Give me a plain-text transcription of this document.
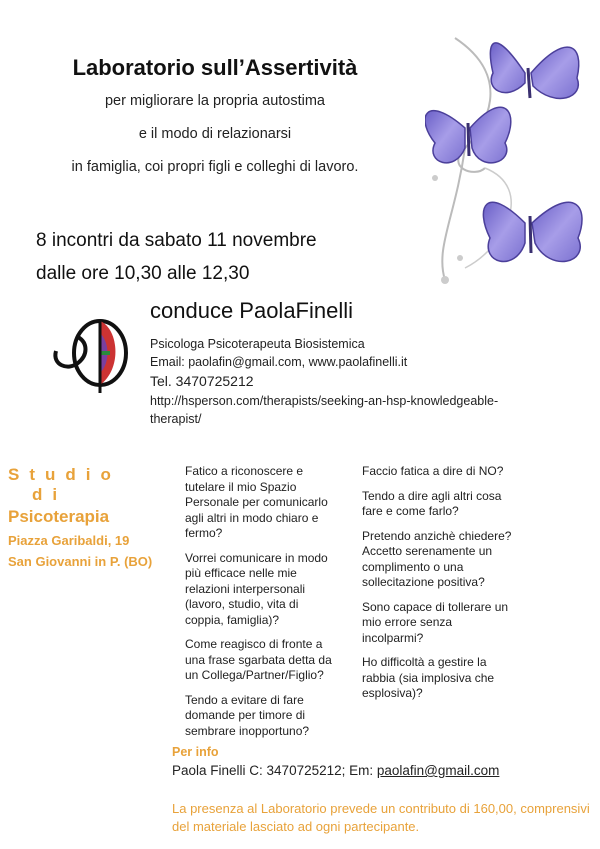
Laboratorio sull’Assertività
per migliorare la propria autostima
e il modo di relazionarsi
in famiglia, coi propri figli e colleghi di lavoro.
8 incontri da sabato 11 novembre
dalle ore 10,30 alle 12,30
conduce PaolaFinelli
Psicologa Psicoterapeuta Biosistemica
Email: paolafin@gmail.com, www.paolafinelli.it
Tel. 3470725212
http://hsperson.com/therapists/seeking-an-hsp-knowledgeable-
therapist/
Studio di
Psicoterapia
Piazza Garibaldi, 19
San Giovanni in P. (BO)

Fatico a riconoscere e tutelare il mio Spazio Personale per comunicarlo agli altri in modo chiaro e fermo?

Vorrei comunicare in modo più efficace nelle mie relazioni interpersonali (lavoro, studio, vita di coppia, famiglia)?

Come reagisco di fronte a una frase sgarbata detta da un Collega/Partner/Figlio?

Tendo a evitare di fare domande per timore di sembrare inopportuno?

Faccio fatica a dire di NO?

Tendo a dire agli altri cosa fare e come farlo?

Pretendo anzichè chiedere? Accetto serenamente un complimento o una sollecitazione positiva?

Sono capace di tollerare un mio errore senza incolparmi?

Ho difficoltà a gestire la rabbia (sia implosiva che esplosiva)?

Per info
Paola Finelli C: 3470725212; Em: paolafin@gmail.com
La presenza al Laboratorio prevede un contributo di 160,00, comprensivi del materiale lasciato ad ogni partecipante.
